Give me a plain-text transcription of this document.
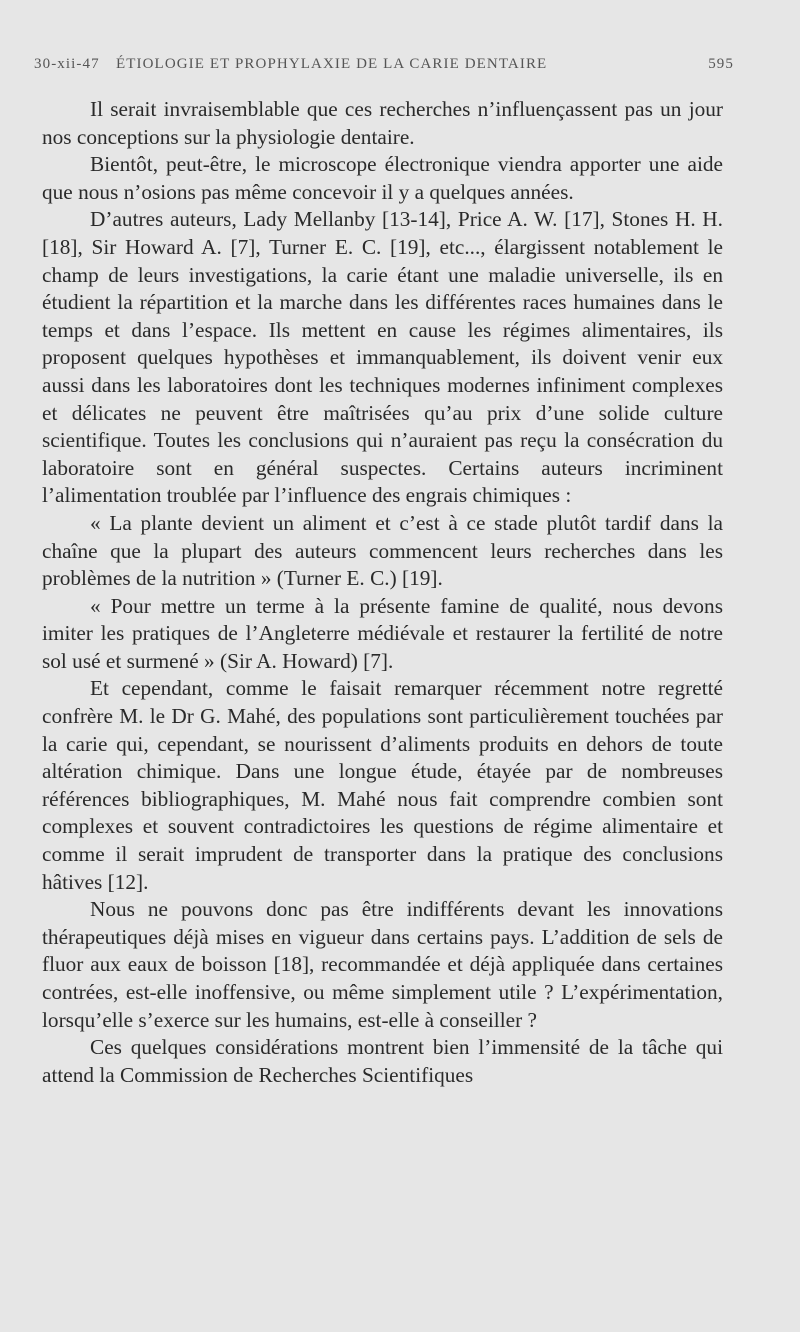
30-xii-47 ÉTIOLOGIE ET PROPHYLAXIE DE LA CARIE DENTAIRE	595

Il serait invraisemblable que ces recherches n’influençassent pas un jour nos conceptions sur la physiologie dentaire.

Bientôt, peut-être, le microscope électronique viendra apporter une aide que nous n’osions pas même concevoir il y a quelques années.

D’autres auteurs, Lady Mellanby [13-14], Price A. W. [17], Stones H. H. [18], Sir Howard A. [7], Turner E. C. [19], etc..., élargissent notablement le champ de leurs investigations, la carie étant une maladie universelle, ils en étudient la répartition et la marche dans les différentes races humaines dans le temps et dans l’espace. Ils mettent en cause les régimes alimentaires, ils proposent quelques hypothèses et immanquablement, ils doivent venir eux aussi dans les laboratoires dont les techniques modernes infiniment complexes et délicates ne peuvent être maîtrisées qu’au prix d’une solide culture scientifique. Toutes les conclusions qui n’auraient pas reçu la consécration du laboratoire sont en général suspectes. Certains auteurs incriminent l’alimentation troublée par l’influence des engrais chimiques :

« La plante devient un aliment et c’est à ce stade plutôt tardif dans la chaîne que la plupart des auteurs commencent leurs recherches dans les problèmes de la nutrition » (Turner E. C.) [19].

« Pour mettre un terme à la présente famine de qualité, nous devons imiter les pratiques de l’Angleterre médiévale et restaurer la fertilité de notre sol usé et surmené » (Sir A. Howard) [7].

Et cependant, comme le faisait remarquer récemment notre regretté confrère M. le Dr G. Mahé, des populations sont particulièrement touchées par la carie qui, cependant, se nourissent d’aliments produits en dehors de toute altération chimique. Dans une longue étude, étayée par de nombreuses références bibliographiques, M. Mahé nous fait comprendre combien sont complexes et souvent contradictoires les questions de régime alimentaire et comme il serait imprudent de transporter dans la pratique des conclusions hâtives [12].

Nous ne pouvons donc pas être indifférents devant les innovations thérapeutiques déjà mises en vigueur dans certains pays. L’addition de sels de fluor aux eaux de boisson [18], recommandée et déjà appliquée dans certaines contrées, est-elle inoffensive, ou même simplement utile ? L’expérimentation, lorsqu’elle s’exerce sur les humains, est-elle à conseiller ?

Ces quelques considérations montrent bien l’immensité de la tâche qui attend la Commission de Recherches Scientifiques
